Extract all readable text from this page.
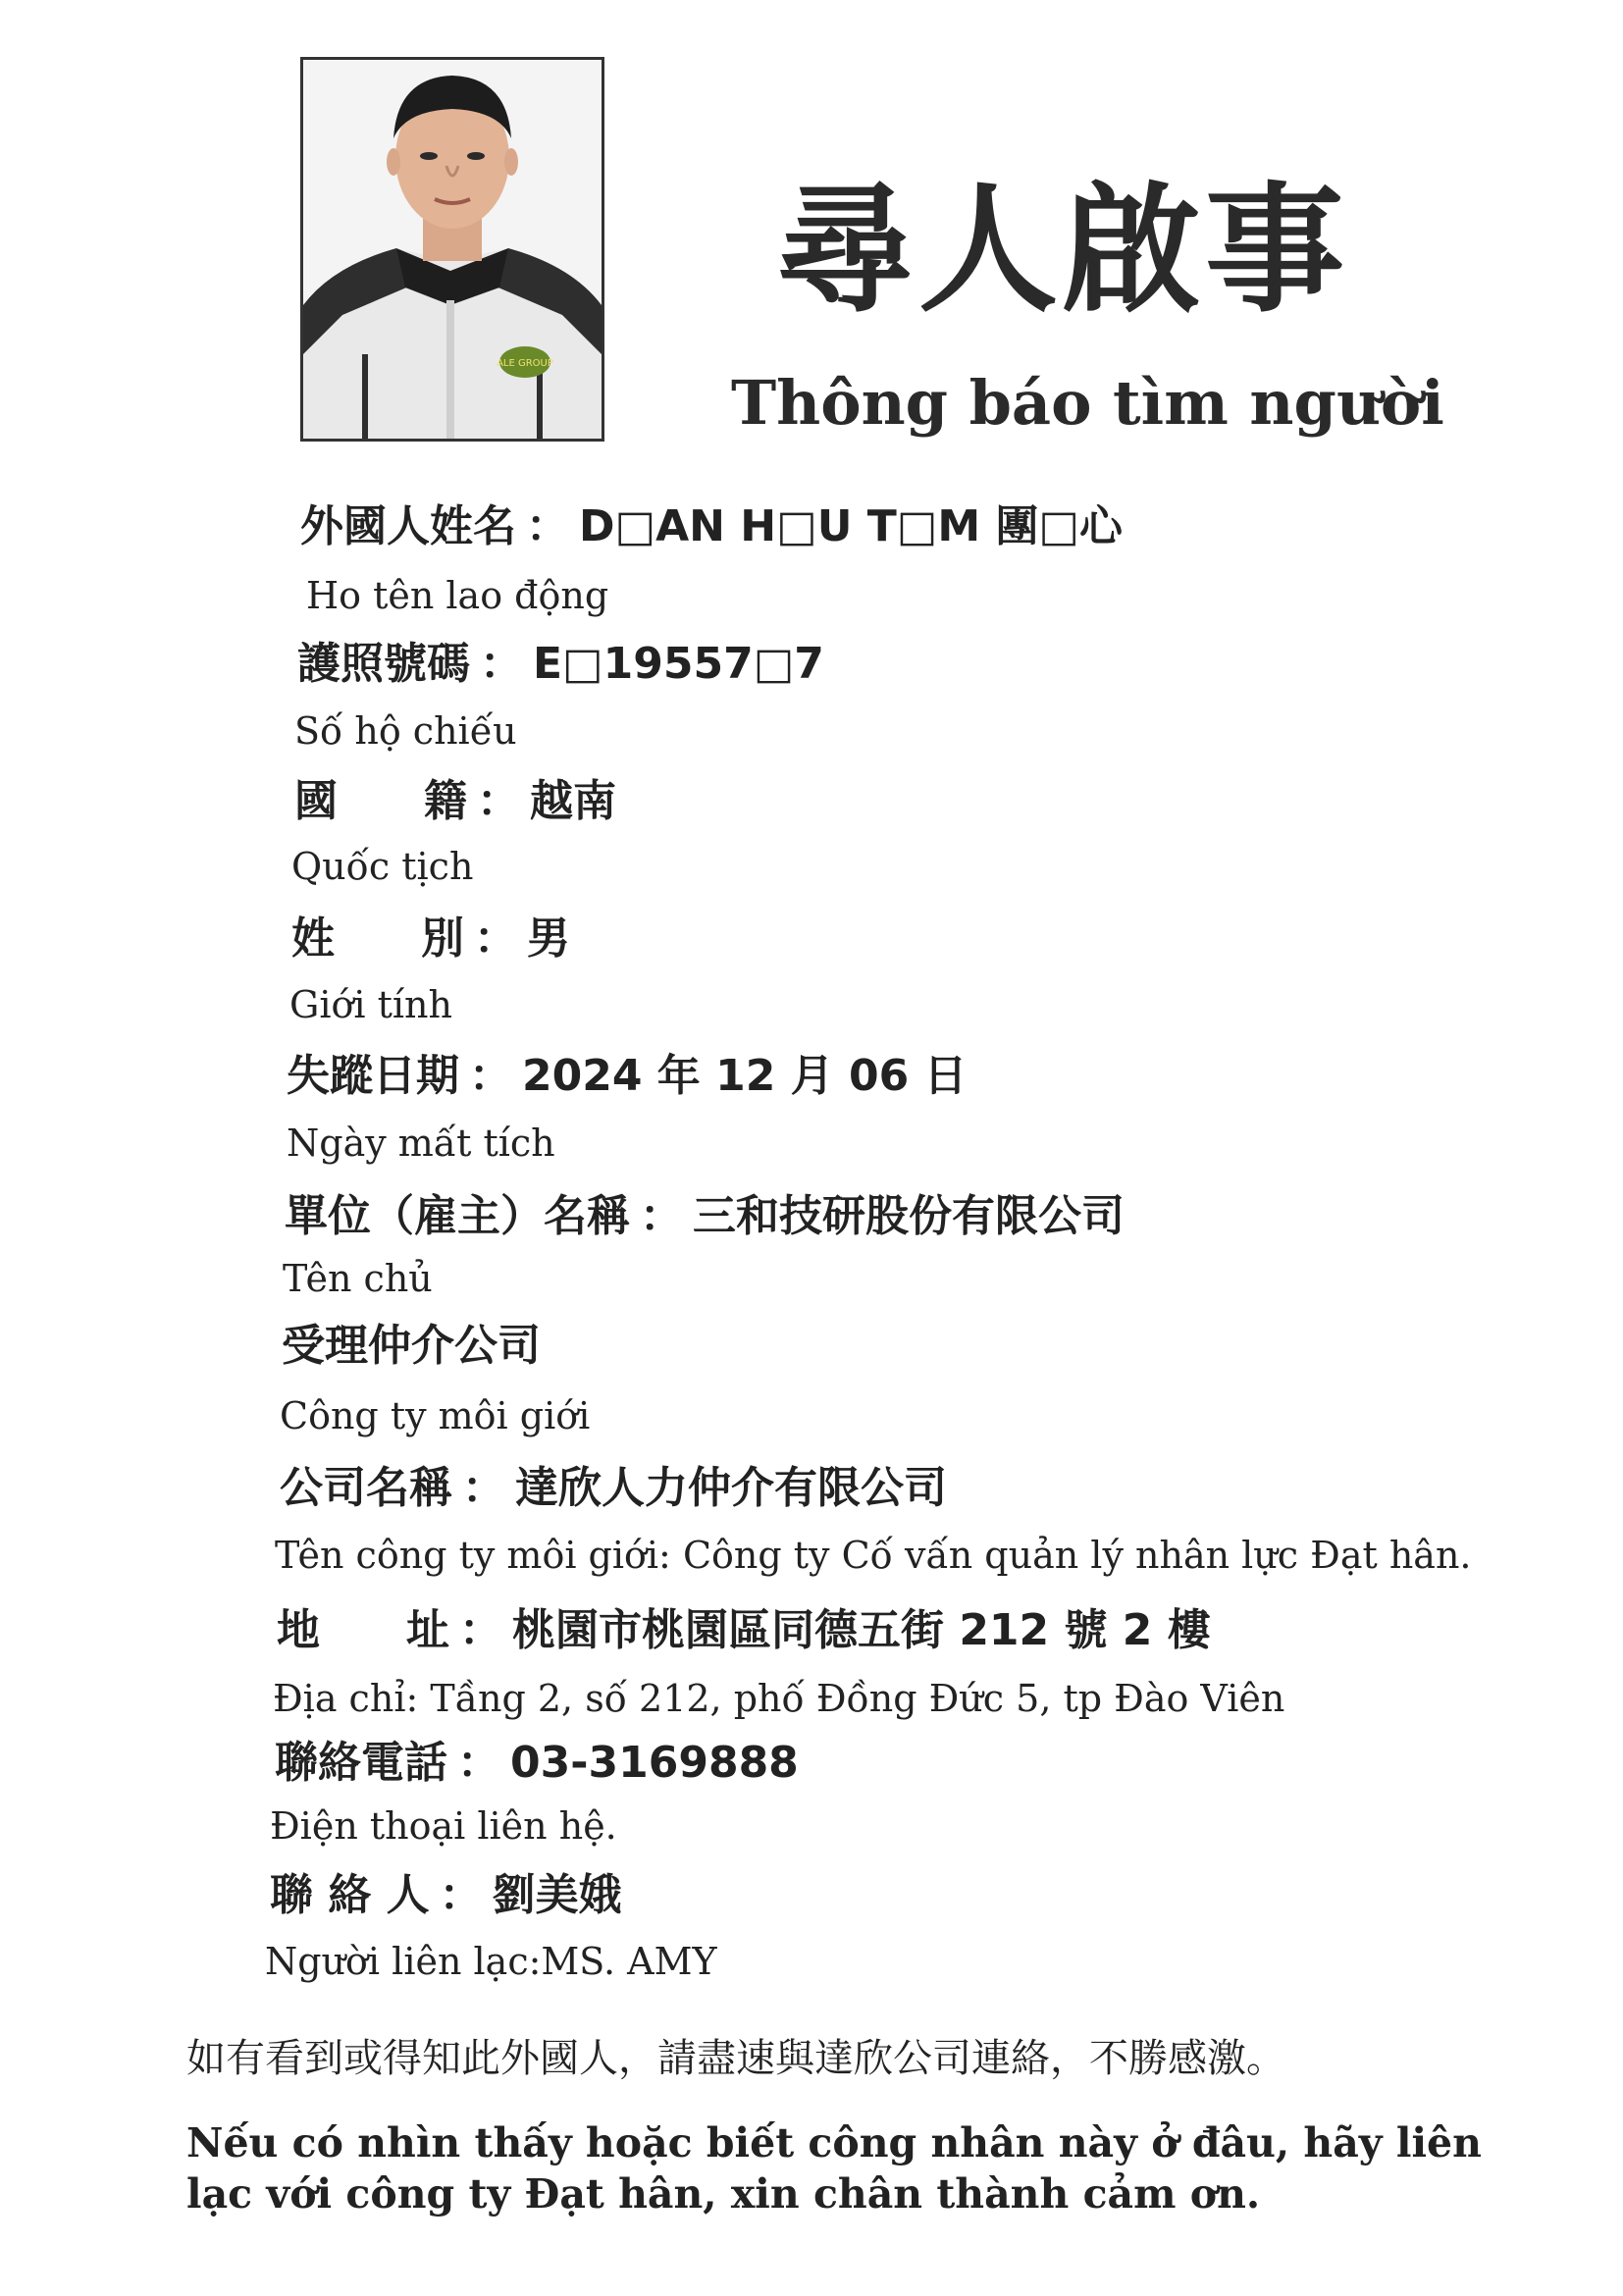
ALE GROUP
尋人啟事
Thông báo tìm người
外國人姓名 ： D□AN H□U T□M 團□心
Ho tên lao động
護照號碼 ： E□19557□7
Số hộ chiếu
國　　籍 ： 越南
Quốc tịch
姓　　別 ： 男
Giới tính
失蹤日期 ： 2024 年 12 月 06 日
Ngày mất tích
單位（雇主）名稱 ： 三和技研股份有限公司
Tên chủ
受理仲介公司
Công ty môi giới
公司名稱 ： 達欣人力仲介有限公司
Tên công ty môi giới: Công ty Cố vấn quản lý nhân lực Đạt hân.
地　　址 ： 桃園市桃園區同德五街 212 號 2 樓
Địa chỉ: Tầng 2, số 212, phố Đồng Đức 5, tp Đào Viên
聯絡電話 ： 03-3169888
Điện thoại liên hệ.
聯 絡 人 ： 劉美娥
Người liên lạc:MS. AMY
如有看到或得知此外國人，請盡速與達欣公司連絡，不勝感激。
Nếu có nhìn thấy hoặc biết công nhân này ở đâu, hãy liên lạc với công ty Đạt hân, xin chân thành cảm ơn.
